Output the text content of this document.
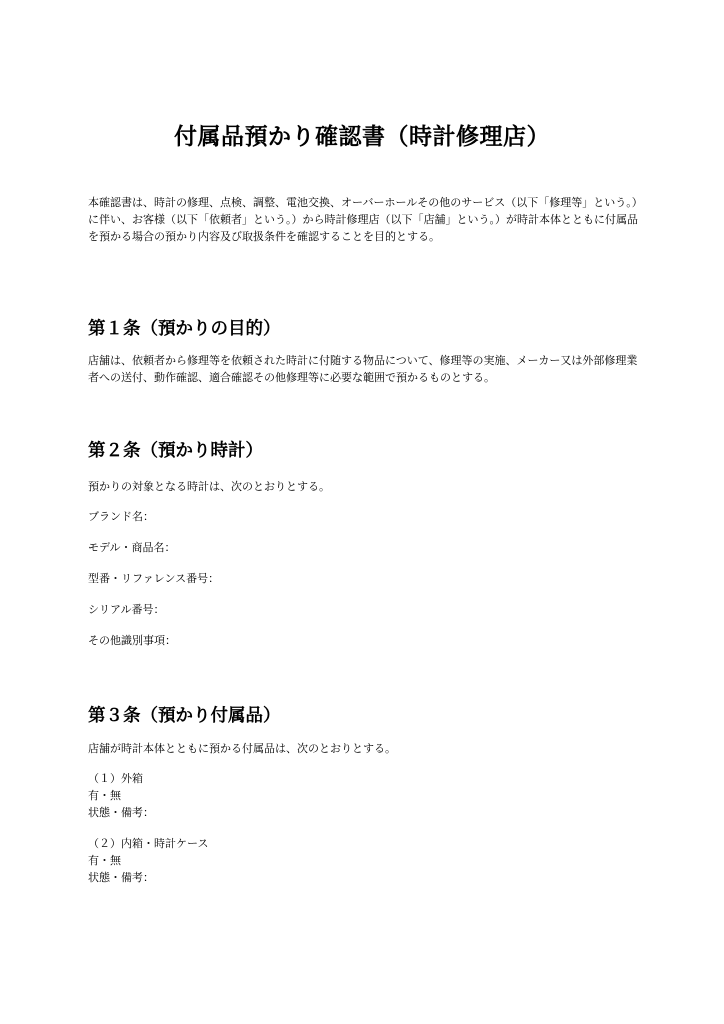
付属品預かり確認書（時計修理店）

本確認書は、時計の修理、点検、調整、電池交換、オーバーホールその他のサービス（以下「修理等」という。）に伴い、お客様（以下「依頼者」という。）から時計修理店（以下「店舗」という。）が時計本体とともに付属品を預かる場合の預かり内容及び取扱条件を確認することを目的とする。

第１条（預かりの目的）

店舗は、依頼者から修理等を依頼された時計に付随する物品について、修理等の実施、メーカー又は外部修理業者への送付、動作確認、適合確認その他修理等に必要な範囲で預かるものとする。

第２条（預かり時計）

預かりの対象となる時計は、次のとおりとする。

ブランド名：

モデル・商品名：

型番・リファレンス番号：

シリアル番号：

その他識別事項：

第３条（預かり付属品）

店舗が時計本体とともに預かる付属品は、次のとおりとする。

（１）外箱
有・無
状態・備考：
（２）内箱・時計ケース
有・無
状態・備考：
